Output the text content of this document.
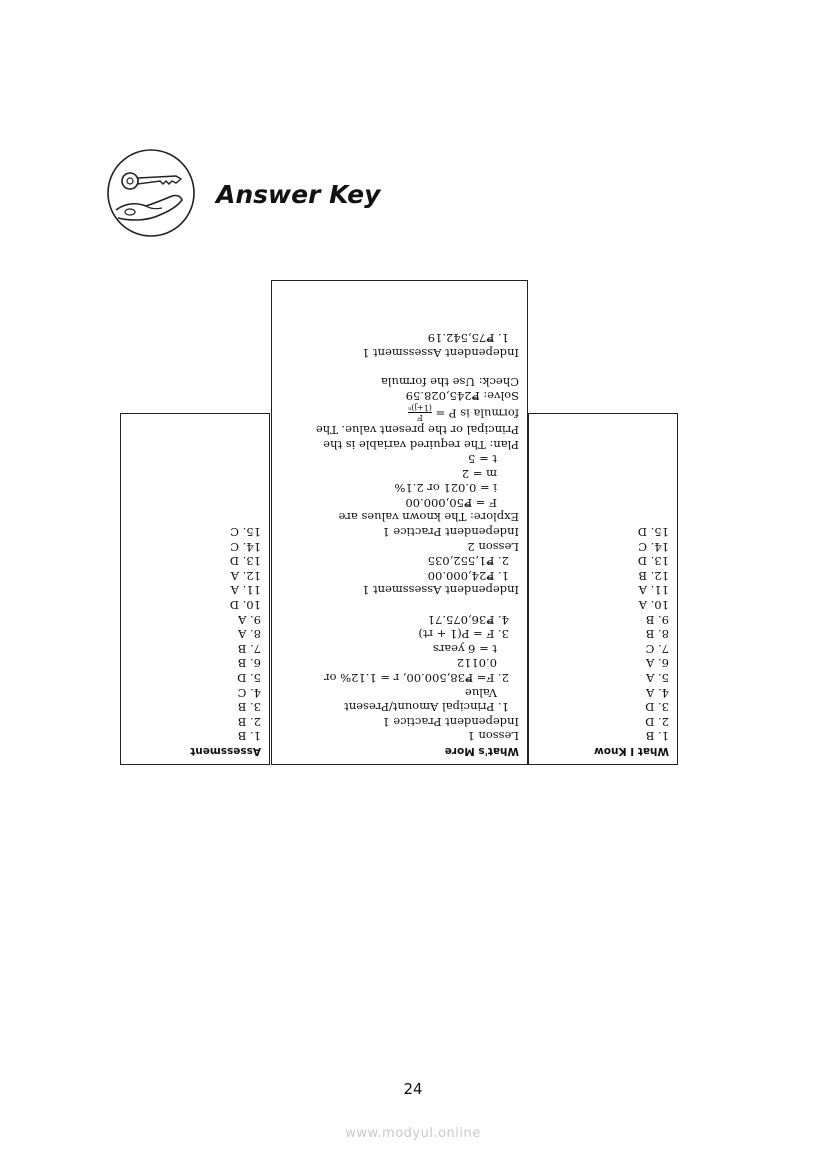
Answer Key
Assessment
1. B
2. B
3. B
4. C
5. D
6. B
7. B
8. A
9. A
10. D
11. A
12. A
13. D
14. C
15. C
What's More
Lesson 1
Independent Practice 1
1. Principal Amount/Present
Value
2. F= ₱38,500.00, r = 1.12% or
0.0112
t = 6 years
3. F = P(1 + rt)
4. ₱36,075.71
Independent Assessment 1
1. ₱24,000.00
2. ₱1,552,035
Lesson 2
Independent Practice 1
Explore: The known values are
F = ₱50,000.00
i = 0.021 or 2.1%
m = 2
t = 5
Plan: The required variable is the
Principal or the present value. The
formula is P =
F
(1+j)ⁿ
Solve: ₱245,028.59
Check: Use the formula
Independent Assessment 1
1. ₱75,542.19
What I Know
1. B
2. D
3. D
4. A
5. A
6. A
7. C
8. B
9. B
10. A
11. A
12. B
13. D
14. C
15. D
24
www.modyul.online
